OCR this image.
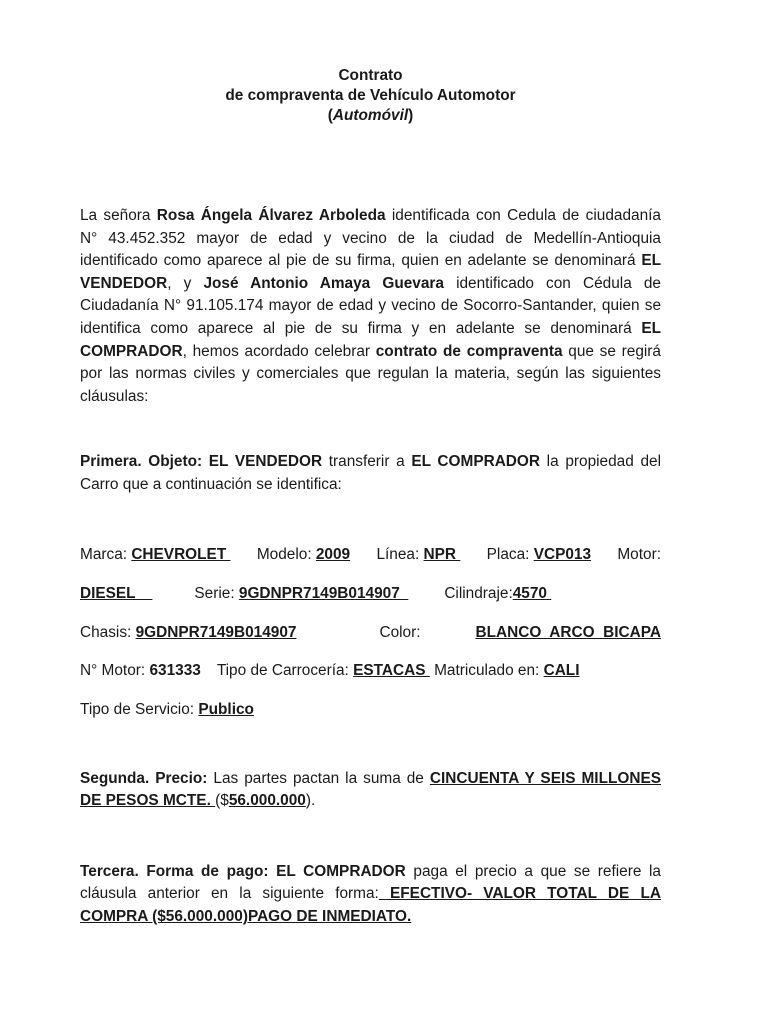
Contrato
de compraventa de Vehículo Automotor
(Automóvil)

La señora Rosa Ángela Álvarez Arboleda identificada con Cedula de ciudadanía N° 43.452.352 mayor de edad y vecino de la ciudad de Medellín-Antioquia identificado como aparece al pie de su firma, quien en adelante se denominará EL VENDEDOR, y José Antonio Amaya Guevara identificado con Cédula de Ciudadanía N° 91.105.174 mayor de edad y vecino de Socorro-Santander, quien se identifica como aparece al pie de su firma y en adelante se denominará EL COMPRADOR, hemos acordado celebrar contrato de compraventa que se regirá por las normas civiles y comerciales que regulan la materia, según las siguientes cláusulas:

Primera. Objeto: EL VENDEDOR transferir a EL COMPRADOR la propiedad del Carro que a continuación se identifica:

Marca: CHEVROLET Modelo: 2009 Línea: NPR Placa: VCP013 Motor:
DIESEL	Serie: 9GDNPR7149B014907 Cilindraje:4570
Chasis: 9GDNPR7149B014907	Color:	BLANCO  ARCO  BICAPA
N° Motor: 631333 Tipo de Carrocería: ESTACAS Matriculado en: CALI
Tipo de Servicio: Publico

Segunda. Precio: Las partes pactan la suma de CINCUENTA Y SEIS MILLONES DE PESOS MCTE. ($56.000.000).

Tercera. Forma de pago: EL COMPRADOR paga el precio a que se refiere la cláusula anterior en la siguiente forma: EFECTIVO- VALOR TOTAL DE LA COMPRA ($56.000.000)PAGO DE INMEDIATO.
